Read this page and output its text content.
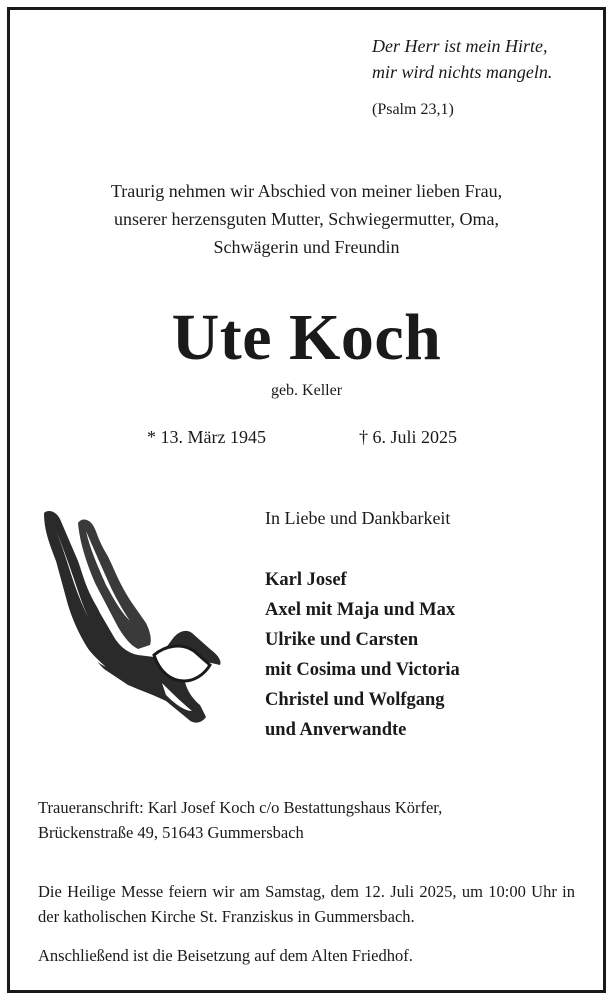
Der Herr ist mein Hirte,
mir wird nichts mangeln.
(Psalm 23,1)
Traurig nehmen wir Abschied von meiner lieben Frau,
unserer herzensguten Mutter, Schwiegermutter, Oma,
Schwägerin und Freundin
Ute Koch
geb. Keller
* 13. März 1945	† 6. Juli 2025
In Liebe und Dankbarkeit
Karl Josef
Axel mit Maja und Max
Ulrike und Carsten
mit Cosima und Victoria
Christel und Wolfgang
und Anverwandte
Traueranschrift: Karl Josef Koch c/o Bestattungshaus Körfer,
Brückenstraße 49, 51643 Gummersbach
Die Heilige Messe feiern wir am Samstag, dem 12. Juli 2025, um 10:00 Uhr in der katholischen Kirche St. Franziskus in Gummersbach.
Anschließend ist die Beisetzung auf dem Alten Friedhof.
